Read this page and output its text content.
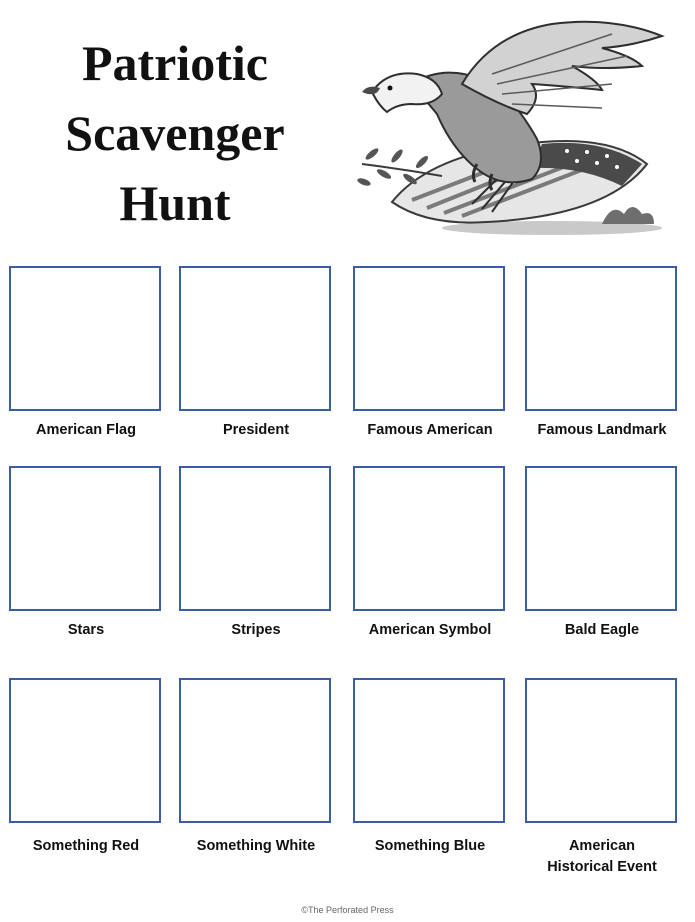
Patriotic
Scavenger
Hunt
American Flag	President	Famous American	Famous Landmark
Stars	Stripes	American Symbol	Bald Eagle
Something Red	Something White	Something Blue	American
Historical Event
©The Perforated Press
